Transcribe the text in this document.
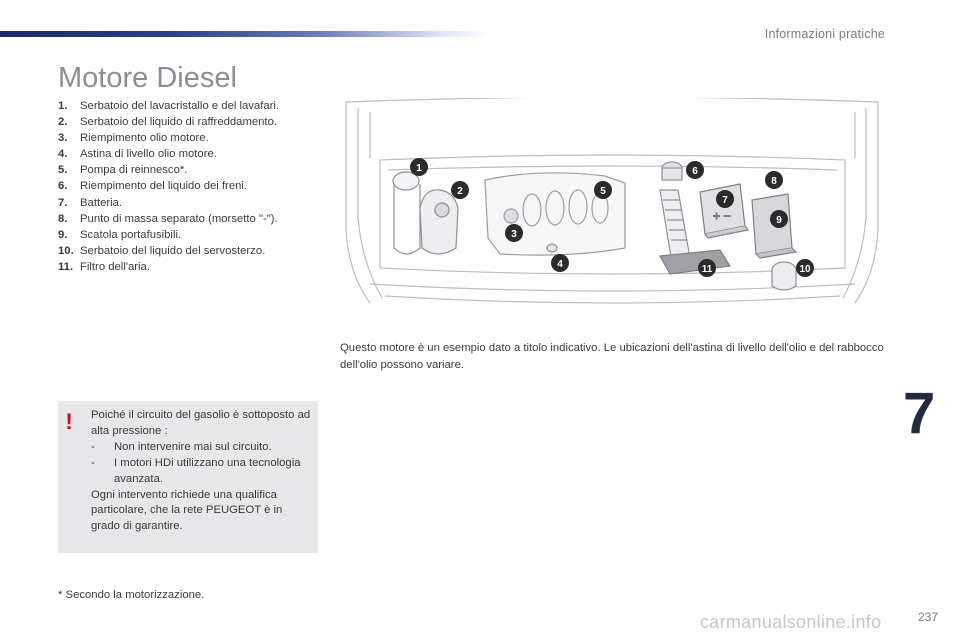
Informazioni pratiche
Motore Diesel
1.	Serbatoio del lavacristallo e del lavafari.
2.	Serbatoio del liquido di raffreddamento.
3.	Riempimento olio motore.
4.	Astina di livello olio motore.
5.	Pompa di reinnesco*.
6.	Riempimento del liquido dei freni.
7.	Batteria.
8.	Punto di massa separato (morsetto "-").
9.	Scatola portafusibili.
10. Serbatoio del liquido del servosterzo.
11. Filtro dell'aria.
+ −
1
2
3
4
5
6
7
8
9
10
11

Questo motore è un esempio dato a titolo indicativo. Le ubicazioni dell'astina di livello dell'olio e del rabbocco dell'olio possono variare.

! Poiché il circuito del gasolio è sottoposto ad alta pressione :

-	Non intervenire mai sul circuito.
-	I motori HDi utilizzano una tecnologia avanzata.

Ogni intervento richiede una qualifica particolare, che la rete PEUGEOT è in grado di garantire.

* Secondo la motorizzazione.
7
carmanualsonline.info	237
